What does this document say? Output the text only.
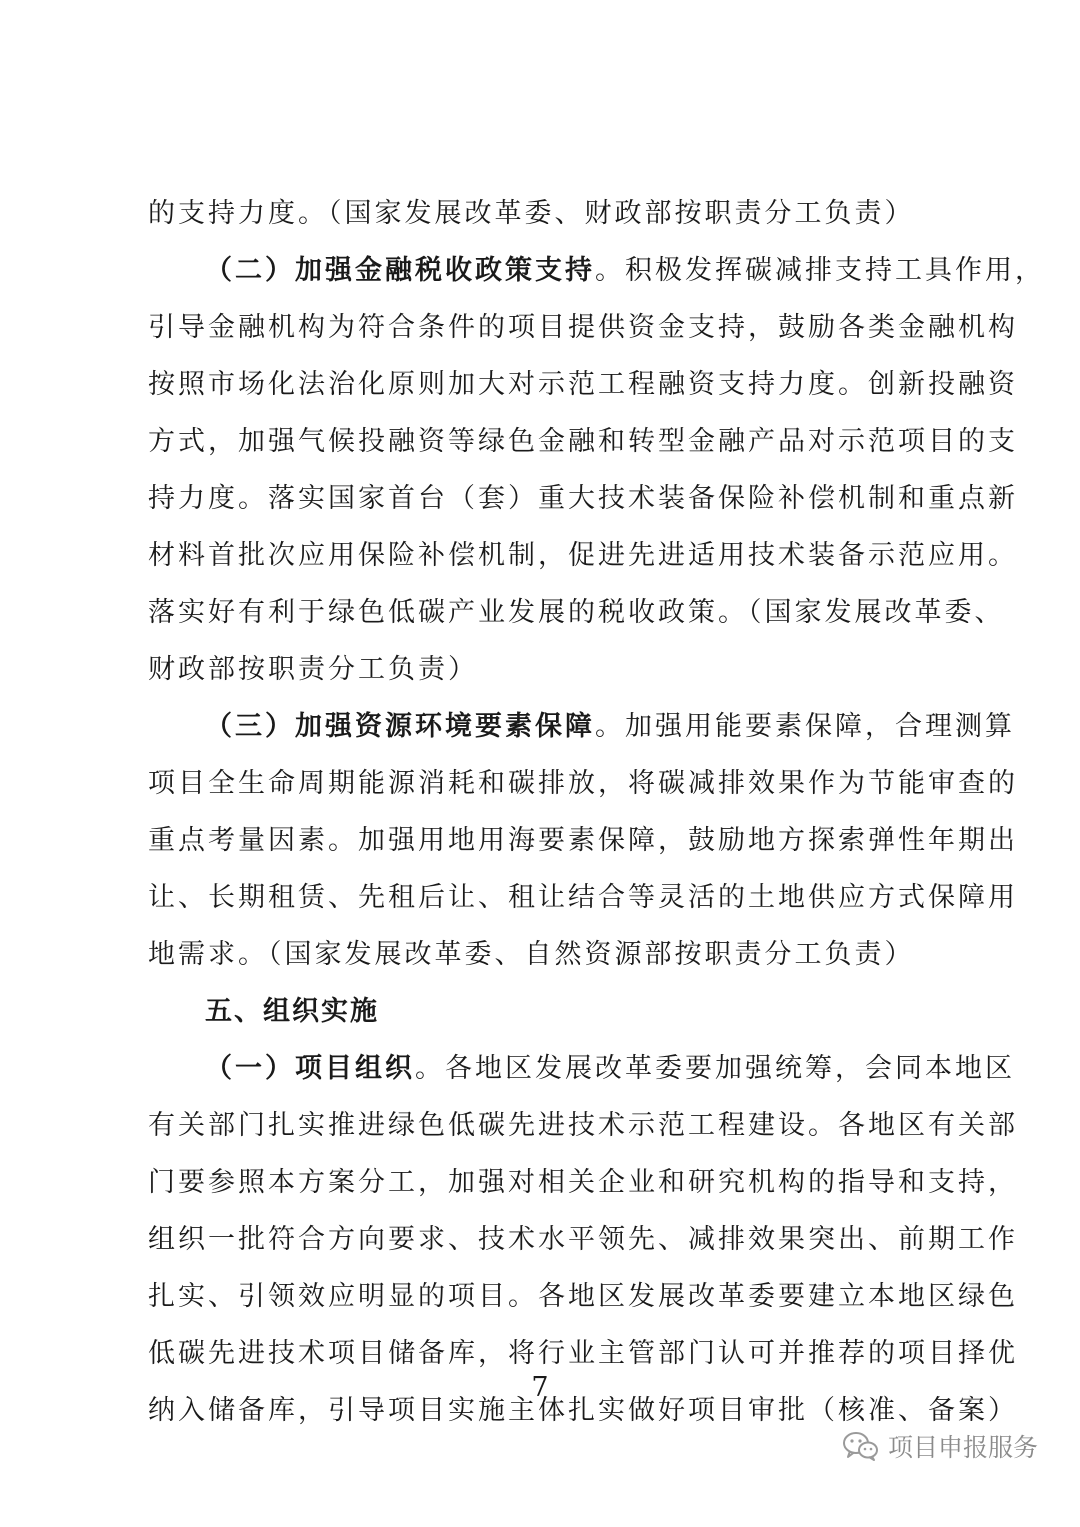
的支持力度。（国家发展改革委、财政部按职责分工负责）
（二）加强金融税收政策支持。积极发挥碳减排支持工具作用，
引导金融机构为符合条件的项目提供资金支持，鼓励各类金融机构
按照市场化法治化原则加大对示范工程融资支持力度。创新投融资
方式，加强气候投融资等绿色金融和转型金融产品对示范项目的支
持力度。落实国家首台（套）重大技术装备保险补偿机制和重点新
材料首批次应用保险补偿机制，促进先进适用技术装备示范应用。
落实好有利于绿色低碳产业发展的税收政策。（国家发展改革委、
财政部按职责分工负责）
（三）加强资源环境要素保障。加强用能要素保障，合理测算
项目全生命周期能源消耗和碳排放，将碳减排效果作为节能审查的
重点考量因素。加强用地用海要素保障，鼓励地方探索弹性年期出
让、长期租赁、先租后让、租让结合等灵活的土地供应方式保障用
地需求。（国家发展改革委、自然资源部按职责分工负责）
五、组织实施
（一）项目组织。各地区发展改革委要加强统筹，会同本地区
有关部门扎实推进绿色低碳先进技术示范工程建设。各地区有关部
门要参照本方案分工，加强对相关企业和研究机构的指导和支持，
组织一批符合方向要求、技术水平领先、减排效果突出、前期工作
扎实、引领效应明显的项目。各地区发展改革委要建立本地区绿色
低碳先进技术项目储备库，将行业主管部门认可并推荐的项目择优
纳入储备库，引导项目实施主体扎实做好项目审批（核准、备案）
7
项目申报服务
